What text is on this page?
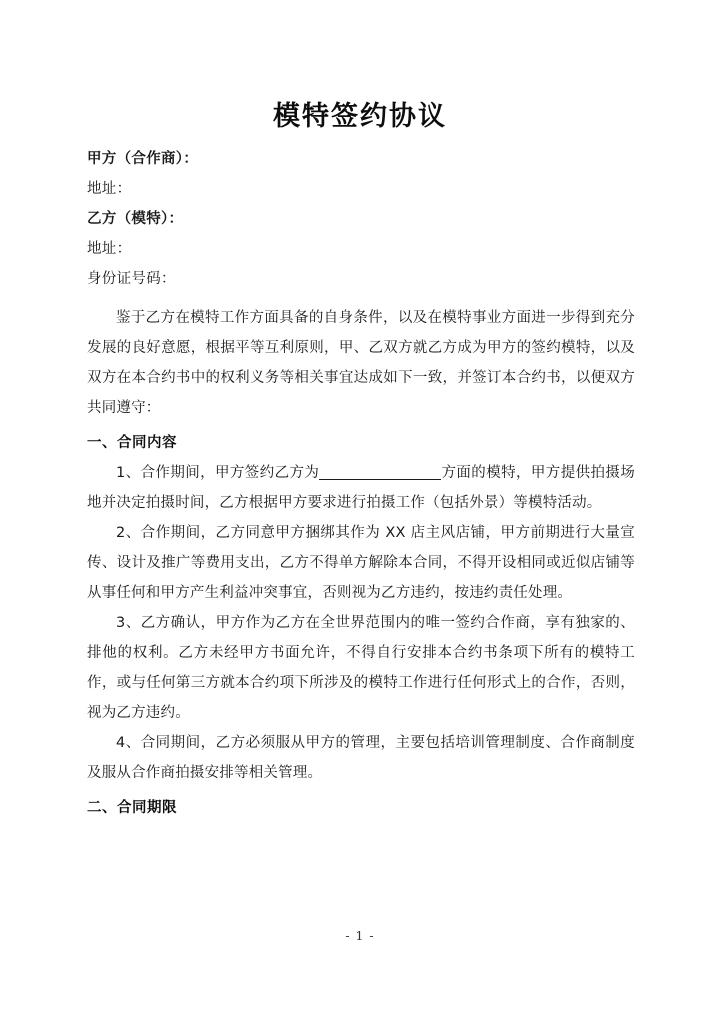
模特签约协议
甲方（合作商）：
地址：
乙方（模特）：
地址：
身份证号码：

鉴于乙方在模特工作方面具备的自身条件，以及在模特事业方面进一步得到充分发展的良好意愿，根据平等互利原则，甲、乙双方就乙方成为甲方的签约模特，以及双方在本合约书中的权利义务等相关事宜达成如下一致，并签订本合约书，以便双方共同遵守：

一、合同内容

1、合作期间，甲方签约乙方为	方面的模特，甲方提供拍摄场地并决定拍摄时间，乙方根据甲方要求进行拍摄工作（包括外景）等模特活动。

2、合作期间，乙方同意甲方捆绑其作为 XX 店主风店铺，甲方前期进行大量宣传、设计及推广等费用支出，乙方不得单方解除本合同，不得开设相同或近似店铺等从事任何和甲方产生利益冲突事宜，否则视为乙方违约，按违约责任处理。

3、乙方确认，甲方作为乙方在全世界范围内的唯一签约合作商，享有独家的、排他的权利。乙方未经甲方书面允许，不得自行安排本合约书条项下所有的模特工作，或与任何第三方就本合约项下所涉及的模特工作进行任何形式上的合作，否则，视为乙方违约。

4、合同期间，乙方必须服从甲方的管理，主要包括培训管理制度、合作商制度及服从合作商拍摄安排等相关管理。

二、合同期限
- 1 -
